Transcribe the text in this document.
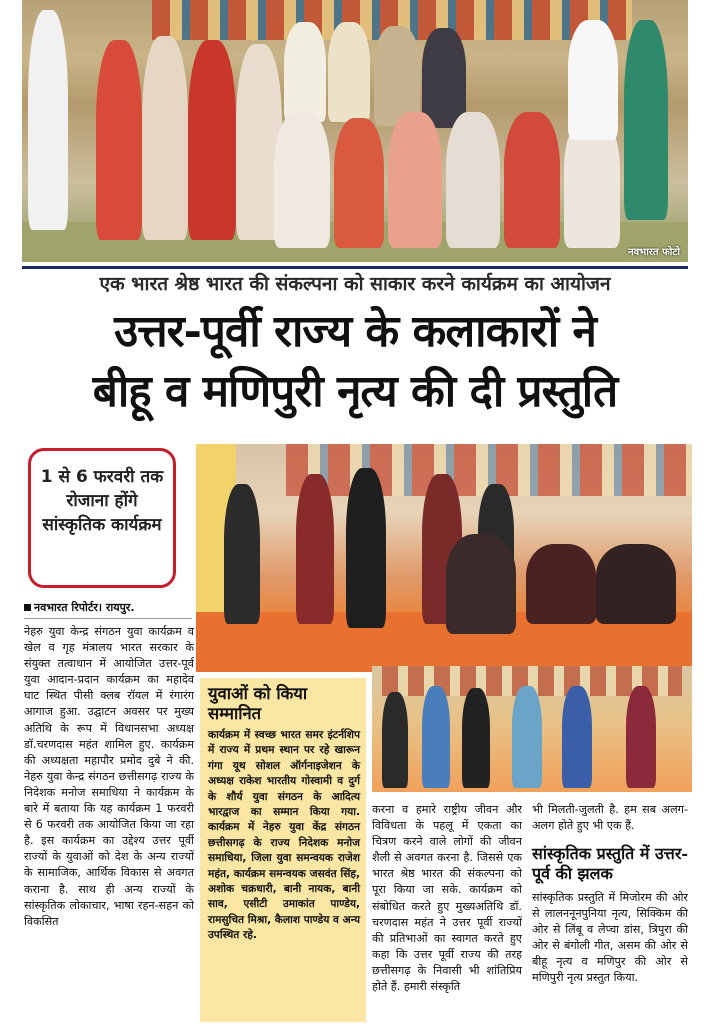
नवभारत फोटो
एक भारत श्रेष्ठ भारत की संकल्पना को साकार करने कार्यक्रम का आयोजन
उत्तर-पूर्वी राज्य के कलाकारों ने
बीहू व मणिपुरी नृत्य की दी प्रस्तुति
1 से 6 फरवरी तक रोजाना होंगे सांस्कृतिक कार्यक्रम
नवभारत रिपोर्टर। रायपुर.
नेहरु युवा केन्द्र संगठन युवा कार्यक्रम व खेल व गृह मंत्रालय भारत सरकार के संयुक्त तत्वाधान में आयोजित उत्तर-पूर्व युवा आदान-प्रदान कार्यक्रम का महादेव घाट स्थित पीसी क्लब रॉयल में रंगारंग आगाज हुआ. उद्घाटन अवसर पर मुख्य अतिथि के रूप में विधानसभा अध्यक्ष डॉ.चरणदास महंत शामिल हुए. कार्यक्रम की अध्यक्षता महापौर प्रमोद दुबे ने की. नेहरु युवा केन्द्र संगठन छत्तीसगढ़ राज्य के निदेशक मनोज समाधिया ने कार्यक्रम के बारे में बताया कि यह कार्यक्रम 1 फरवरी से 6 फरवरी तक आयोजित किया जा रहा है. इस कार्यक्रम का उद्देश्य उत्तर पूर्वी राज्यों के युवाओं को देश के अन्य राज्यों के सामाजिक, आर्थिक विकास से अवगत कराना है. साथ ही अन्य राज्यों के सांस्कृतिक लोकाचार, भाषा रहन-सहन को विकसित
युवाओं को किया सम्मानित
कार्यक्रम में स्वच्छ भारत समर इंटर्नशिप में राज्य में प्रथम स्थान पर रहे खारून गंगा यूथ सोशल ऑर्गनाइजेशन के अध्यक्ष राकेश भारतीय गोस्वामी व दुर्ग के शौर्य युवा संगठन के आदित्य भारद्वाज का सम्मान किया गया. कार्यक्रम में नेहरु युवा केंद्र संगठन छत्तीसगढ़ के राज्य निदेशक मनोज समाधिया, जिला युवा समन्वयक राजेश महंत, कार्यक्रम समन्वयक जसवंत सिंह, अशोक चक्रधारी, बानी नायक, बानी साव, एसीटी उमाकांत पाण्डेय, रामसुचित मिश्रा, कैलाश पाण्डेय व अन्य उपस्थित रहे.
करना व हमारे राष्ट्रीय जीवन और विविधता के पहलू में एकता का चित्रण करने वाले लोगों की जीवन शैली से अवगत करना है. जिससे एक भारत श्रेष्ठ भारत की संकल्पना को पूरा किया जा सके. कार्यक्रम को संबोधित करते हुए मुख्यअतिथि डॉ. चरणदास महंत ने उत्तर पूर्वी राज्यों की प्रतिभाओं का स्वागत करते हुए कहा कि उत्तर पूर्वी राज्य की तरह छत्तीसगढ़ के निवासी भी शांतिप्रिय होते हैं. हमारी संस्कृति
भी मिलती-जुलती है. हम सब अलग-अलग होते हुए भी एक हैं.
सांस्कृतिक प्रस्तुति में उत्तर-पूर्व की झलक
सांस्कृतिक प्रस्तुति में मिजोरम की ओर से लालननूनपुनिया नृत्य, सिक्किम की ओर से लिंबू व लेप्चा डांस, त्रिपुरा की ओर से बंगोली गीत, असम की ओर से बीहू नृत्य व मणिपुर की ओर से मणिपुरी नृत्य प्रस्तुत किया.
